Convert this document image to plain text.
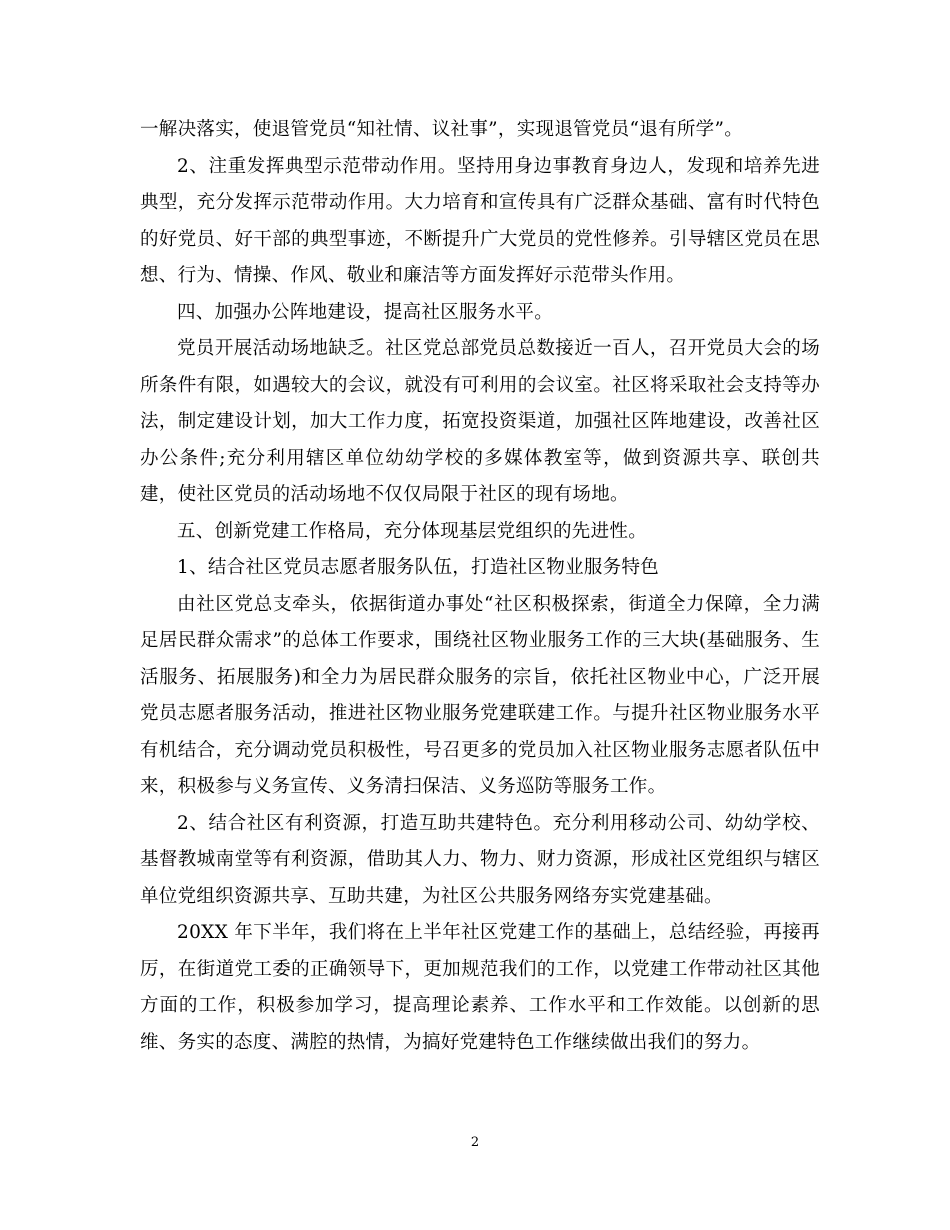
一解决落实，使退管党员“知社情、议社事”，实现退管党员“退有所学”。

2、注重发挥典型示范带动作用。坚持用身边事教育身边人，发现和培养先进典型，充分发挥示范带动作用。大力培育和宣传具有广泛群众基础、富有时代特色的好党员、好干部的典型事迹，不断提升广大党员的党性修养。引导辖区党员在思想、行为、情操、作风、敬业和廉洁等方面发挥好示范带头作用。

四、加强办公阵地建设，提高社区服务水平。

党员开展活动场地缺乏。社区党总部党员总数接近一百人，召开党员大会的场所条件有限，如遇较大的会议，就没有可利用的会议室。社区将采取社会支持等办法，制定建设计划，加大工作力度，拓宽投资渠道，加强社区阵地建设，改善社区办公条件;充分利用辖区单位幼幼学校的多媒体教室等，做到资源共享、联创共建，使社区党员的活动场地不仅仅局限于社区的现有场地。

五、创新党建工作格局，充分体现基层党组织的先进性。

1、结合社区党员志愿者服务队伍，打造社区物业服务特色

由社区党总支牵头，依据街道办事处“社区积极探索，街道全力保障，全力满足居民群众需求”的总体工作要求，围绕社区物业服务工作的三大块(基础服务、生活服务、拓展服务)和全力为居民群众服务的宗旨，依托社区物业中心，广泛开展党员志愿者服务活动，推进社区物业服务党建联建工作。与提升社区物业服务水平有机结合，充分调动党员积极性，号召更多的党员加入社区物业服务志愿者队伍中来，积极参与义务宣传、义务清扫保洁、义务巡防等服务工作。

2、结合社区有利资源，打造互助共建特色。充分利用移动公司、幼幼学校、基督教城南堂等有利资源，借助其人力、物力、财力资源，形成社区党组织与辖区单位党组织资源共享、互助共建，为社区公共服务网络夯实党建基础。

20XX 年下半年，我们将在上半年社区党建工作的基础上，总结经验，再接再厉，在街道党工委的正确领导下，更加规范我们的工作，以党建工作带动社区其他方面的工作，积极参加学习，提高理论素养、工作水平和工作效能。以创新的思维、务实的态度、满腔的热情，为搞好党建特色工作继续做出我们的努力。

2
